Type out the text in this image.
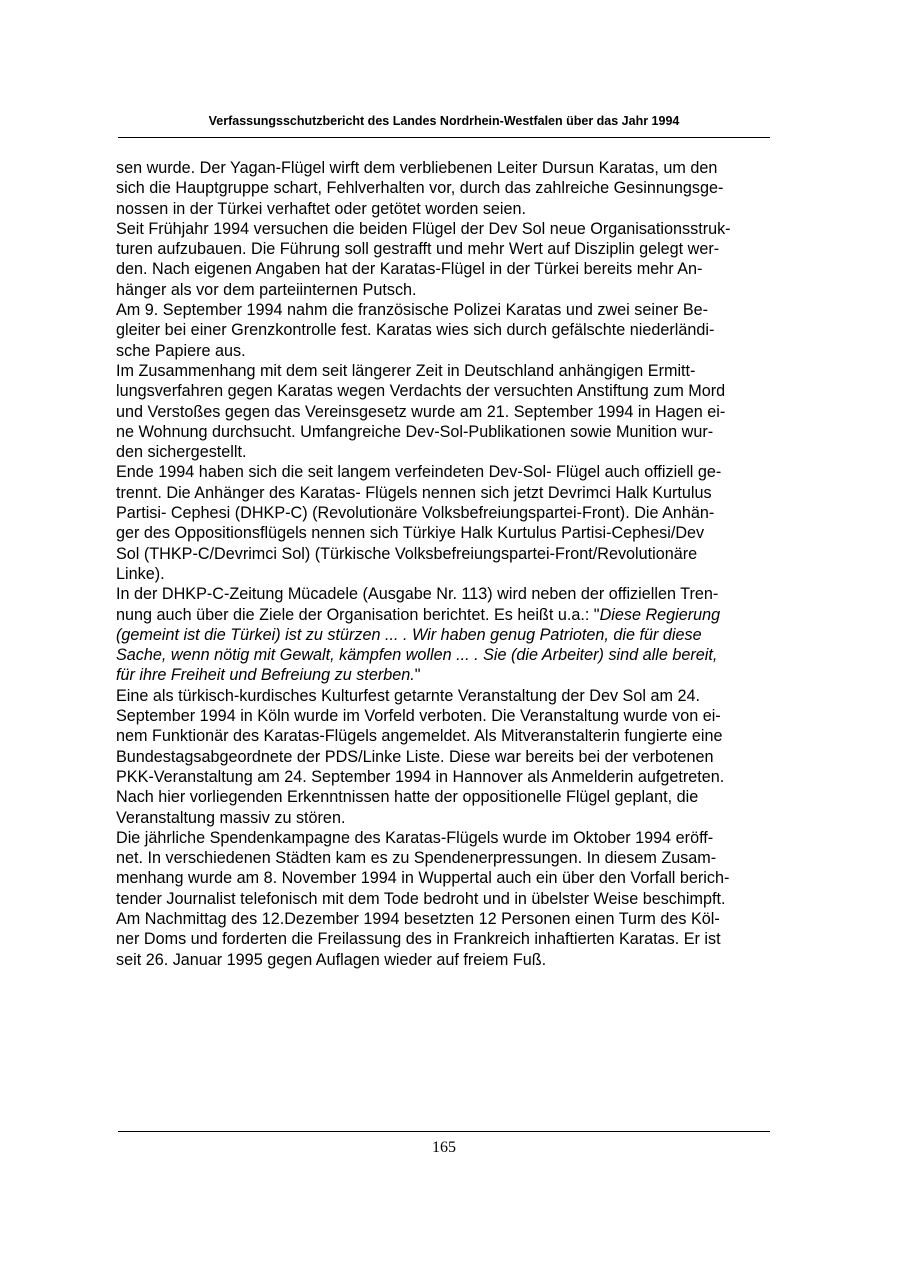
Verfassungsschutzbericht des Landes Nordrhein-Westfalen über das Jahr 1994

sen wurde. Der Yagan-Flügel wirft dem verbliebenen Leiter Dursun Karatas, um den
sich die Hauptgruppe schart, Fehlverhalten vor, durch das zahlreiche Gesinnungsge-
nossen in der Türkei verhaftet oder getötet worden seien.

Seit Frühjahr 1994 versuchen die beiden Flügel der Dev Sol neue Organisationsstruk-
turen aufzubauen. Die Führung soll gestrafft und mehr Wert auf Disziplin gelegt wer-
den. Nach eigenen Angaben hat der Karatas-Flügel in der Türkei bereits mehr An-
hänger als vor dem parteiinternen Putsch.

Am 9. September 1994 nahm die französische Polizei Karatas und zwei seiner Be-
gleiter bei einer Grenzkontrolle fest. Karatas wies sich durch gefälschte niederländi-
sche Papiere aus.

Im Zusammenhang mit dem seit längerer Zeit in Deutschland anhängigen Ermitt-
lungsverfahren gegen Karatas wegen Verdachts der versuchten Anstiftung zum Mord
und Verstoßes gegen das Vereinsgesetz wurde am 21. September 1994 in Hagen ei-
ne Wohnung durchsucht. Umfangreiche Dev-Sol-Publikationen sowie Munition wur-
den sichergestellt.

Ende 1994 haben sich die seit langem verfeindeten Dev-Sol- Flügel auch offiziell ge-
trennt. Die Anhänger des Karatas- Flügels nennen sich jetzt Devrimci Halk Kurtulus
Partisi- Cephesi (DHKP-C) (Revolutionäre Volksbefreiungspartei-Front). Die Anhän-
ger des Oppositionsflügels nennen sich Türkiye Halk Kurtulus Partisi-Cephesi/Dev
Sol (THKP-C/Devrimci Sol) (Türkische Volksbefreiungspartei-Front/Revolutionäre
Linke).

In der DHKP-C-Zeitung Mücadele (Ausgabe Nr. 113) wird neben der offiziellen Tren-
nung auch über die Ziele der Organisation berichtet. Es heißt u.a.: "Diese Regierung
(gemeint ist die Türkei) ist zu stürzen ... . Wir haben genug Patrioten, die für diese
Sache, wenn nötig mit Gewalt, kämpfen wollen ... . Sie (die Arbeiter) sind alle bereit,
für ihre Freiheit und Befreiung zu sterben."

Eine als türkisch-kurdisches Kulturfest getarnte Veranstaltung der Dev Sol am 24.
September 1994 in Köln wurde im Vorfeld verboten. Die Veranstaltung wurde von ei-
nem Funktionär des Karatas-Flügels angemeldet. Als Mitveranstalterin fungierte eine
Bundestagsabgeordnete der PDS/Linke Liste. Diese war bereits bei der verbotenen
PKK-Veranstaltung am 24. September 1994 in Hannover als Anmelderin aufgetreten.
Nach hier vorliegenden Erkenntnissen hatte der oppositionelle Flügel geplant, die
Veranstaltung massiv zu stören.

Die jährliche Spendenkampagne des Karatas-Flügels wurde im Oktober 1994 eröff-
net. In verschiedenen Städten kam es zu Spendenerpressungen. In diesem Zusam-
menhang wurde am 8. November 1994 in Wuppertal auch ein über den Vorfall berich-
tender Journalist telefonisch mit dem Tode bedroht und in übelster Weise beschimpft.

Am Nachmittag des 12.Dezember 1994 besetzten 12 Personen einen Turm des Köl-
ner Doms und forderten die Freilassung des in Frankreich inhaftierten Karatas. Er ist
seit 26. Januar 1995 gegen Auflagen wieder auf freiem Fuß.

165
